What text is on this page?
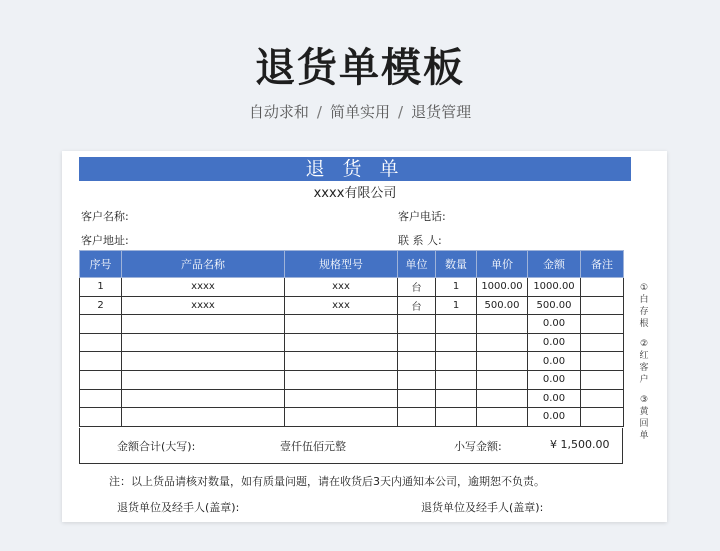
退货单模板
自动求和 / 简单实用 / 退货管理
退 货 单
xxxx有限公司
客户名称:	客户电话:
客户地址:	联 系 人:
序号	产品名称	规格型号	单位	数量	单价	金额	备注
1	xxxx	xxx	台	1	1000.00	1000.00	
2	xxxx	xxx	台	1	500.00	500.00	
						0.00	
						0.00	
						0.00	
						0.00	
						0.00	
						0.00	
金额合计(大写):	壹仟伍佰元整	小写金额:	¥ 1,500.00
①白存根
②红客户
③黄回单
注：以上货品请核对数量，如有质量问题，请在收货后3天内通知本公司，逾期恕不负责。
退货单位及经手人(盖章):	退货单位及经手人(盖章):
